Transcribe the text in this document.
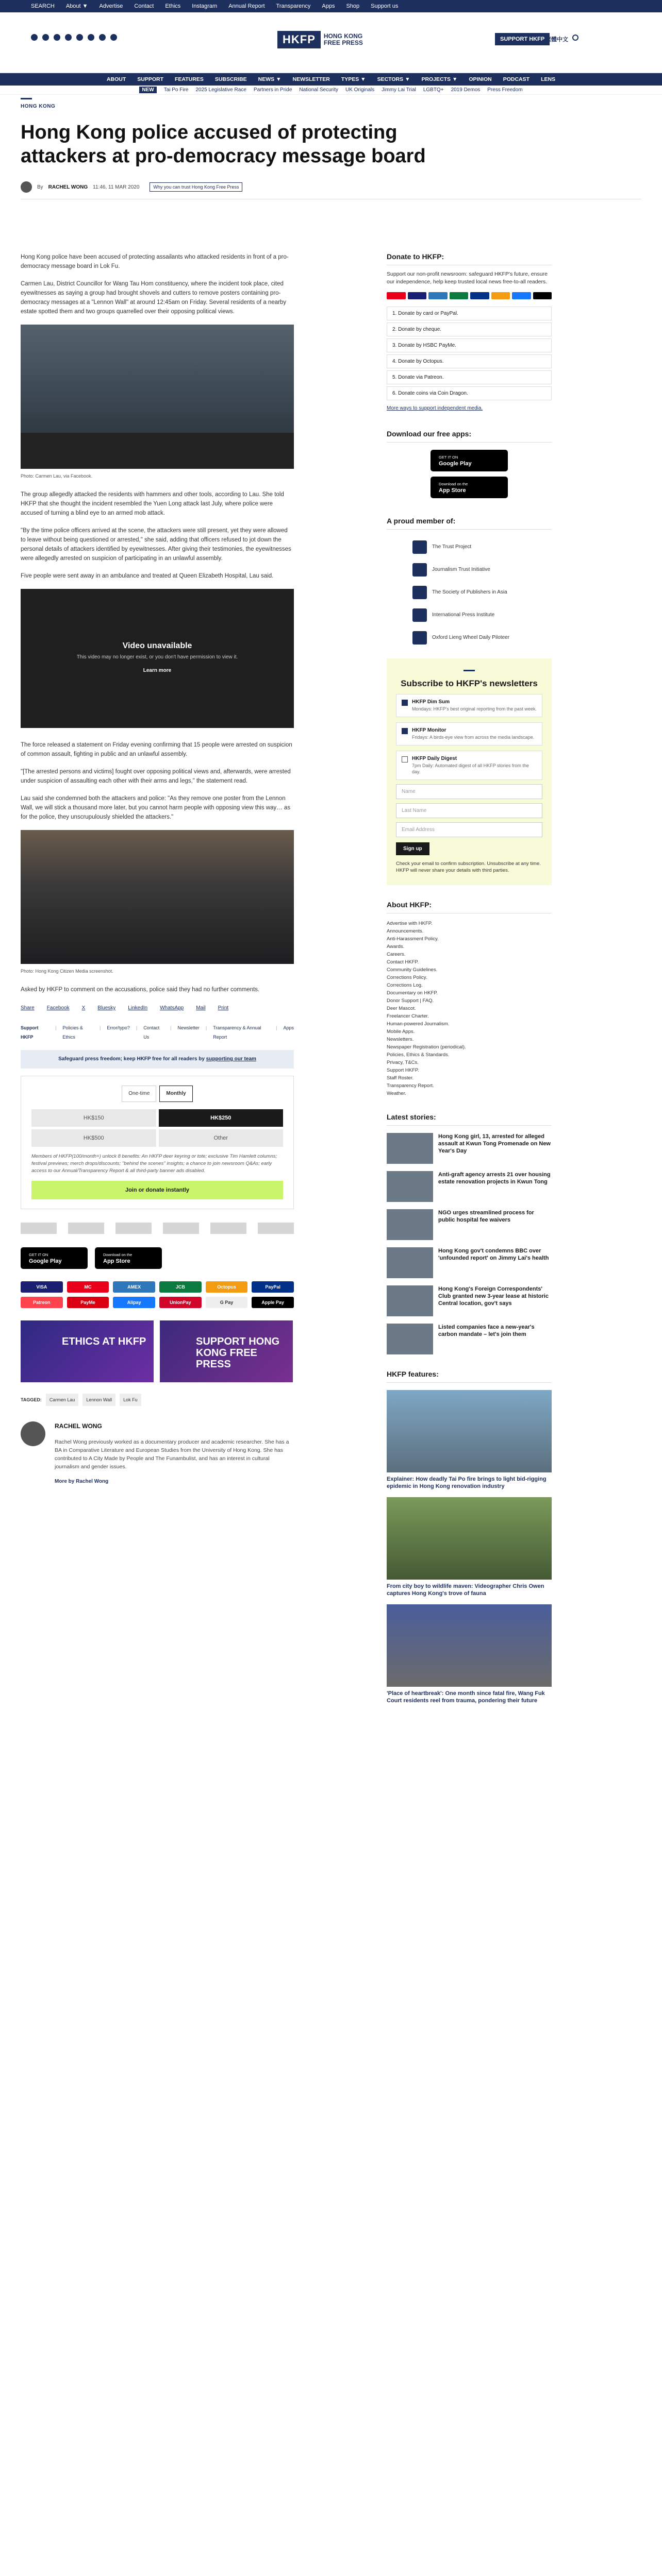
SEARCH About ▼ Advertise Contact Ethics Instagram Annual Report Transparency Apps Shop Support us
HKFP	HONG KONG
FREE PRESS	SUPPORT HKFP 繁體中文
ABOUT SUPPORT FEATURES SUBSCRIBE NEWS ▼ NEWSLETTER TYPES ▼ SECTORS ▼ PROJECTS ▼ OPINION PODCAST LENS
NEW	Tai Po Fire 2025 Legislative Race Partners in Pride National Security UK Originals Jimmy Lai Trial LGBTQ+ 2019 Demos Press Freedom
HONG KONG
Hong Kong police accused of protecting attackers at pro-democracy message board
By RACHEL WONG 11:46, 11 MAR 2020	Why you can trust Hong Kong Free Press

Hong Kong police have been accused of protecting assailants who attacked residents in front of a pro-democracy message board in Lok Fu.

Carmen Lau, District Councillor for Wang Tau Hom constituency, where the incident took place, cited eyewitnesses as saying a group had brought shovels and cutters to remove posters containing pro-democracy messages at a "Lennon Wall" at around 12:45am on Friday. Several residents of a nearby estate spotted them and two groups quarrelled over their opposing political views.

Photo: Carmen Lau, via Facebook.

The group allegedly attacked the residents with hammers and other tools, according to Lau. She told HKFP that she thought the incident resembled the Yuen Long attack last July, where police were accused of turning a blind eye to an armed mob attack.

"By the time police officers arrived at the scene, the attackers were still present, yet they were allowed to leave without being questioned or arrested," she said, adding that officers refused to jot down the personal details of attackers identified by eyewitnesses. After giving their testimonies, the eyewitnesses were allegedly arrested on suspicion of participating in an unlawful assembly.

Five people were sent away in an ambulance and treated at Queen Elizabeth Hospital, Lau said.

Video unavailable
This video may no longer exist, or you don't have permission to view it.
Learn more

The force released a statement on Friday evening confirming that 15 people were arrested on suspicion of common assault, fighting in public and an unlawful assembly.

"[The arrested persons and victims] fought over opposing political views and, afterwards, were arrested under suspicion of assaulting each other with their arms and legs," the statement read.

Lau said she condemned both the attackers and police: "As they remove one poster from the Lennon Wall, we will stick a thousand more later, but you cannot harm people with opposing view this way… as for the police, they unscrupulously shielded the attackers."

Photo: Hong Kong Citizen Media screenshot.

Asked by HKFP to comment on the accusations, police said they had no further comments.

Share Facebook X Bluesky LinkedIn WhatsApp Mail Print
Support HKFP
| Policies & Ethics
| Error/typo? | Contact Us
| Newsletter | Transparency & Annual Report
| Apps
Safeguard press freedom; keep HKFP free for all readers by supporting our team
One-time	Monthly
HK$150	HK$250
HK$500	Other
Members of HKFP(100/month+) unlock 8 benefits: An HKFP deer keyring or tote; exclusive Tim Hamlett columns; festival previews; merch drops/discounts; "behind the scenes" insights; a chance to join newsroom Q&As; early access to our Annual/Transparency Report & all third-party banner ads disabled.
Join or donate instantly
GET IT ON
Google Play
Download on the
App Store
VISA	MC	AMEX	JCB	Octopus	PayPal
Patreon	PayMe	Alipay	UnionPay	G Pay	Apple Pay
ETHICS AT HKFP	SUPPORT HONG KONG FREE PRESS
TAGGED:	Carmen Lau	Lennon Wall	Lok Fu
RACHEL WONG
Rachel Wong previously worked as a documentary producer and academic researcher. She has a BA in Comparative Literature and European Studies from the University of Hong Kong. She has contributed to A City Made by People and The Funambulist, and has an interest in cultural journalism and gender issues.
More by Rachel Wong
Donate to HKFP:
Support our non-profit newsroom: safeguard HKFP's future, ensure our independence, help keep trusted local news free-to-all readers.
1. Donate by card or PayPal.
2. Donate by cheque.
3. Donate by HSBC PayMe.
4. Donate by Octopus.
5. Donate via Patreon.
6. Donate coins via Coin Dragon.
More ways to support independent media.
Download our free apps:
GET IT ON
Google Play
Download on the
App Store
A proud member of:
The Trust Project
Journalism Trust Initiative
The Society of Publishers in Asia
International Press Institute
Oxford Lieng Wheel Daily Piloteer
Subscribe to HKFP's newsletters
HKFP Dim Sum
Mondays: HKFP's best original reporting from the past week.
HKFP Monitor
Fridays: A birds-eye view from across the media landscape.
HKFP Daily Digest
7pm Daily: Automated digest of all HKFP stories from the day.
Name
Last Name
Email Address
Sign up
Check your email to confirm subscription. Unsubscribe at any time. HKFP will never share your details with third parties.
About HKFP:
Advertise with HKFP.
Announcements.
Anti-Harassment Policy.
Awards.
Careers.
Contact HKFP.
Community Guidelines.
Corrections Policy.
Corrections Log.
Documentary on HKFP.
Donor Support | FAQ.
Deer Mascot.
Freelancer Charter.
Human-powered Journalism.
Mobile Apps.
Newsletters.
Newspaper Registration (periodical).
Policies, Ethics & Standards.
Privacy, T&Cs.
Support HKFP.
Staff Roster.
Transparency Report.
Weather.
Latest stories:
Hong Kong girl, 13, arrested for alleged assault at Kwun Tong Promenade on New Year's Day
Anti-graft agency arrests 21 over housing estate renovation projects in Kwun Tong
NGO urges streamlined process for public hospital fee waivers
Hong Kong gov't condemns BBC over 'unfounded report' on Jimmy Lai's health
Hong Kong's Foreign Correspondents' Club granted new 3-year lease at historic Central location, gov't says
Listed companies face a new-year's carbon mandate – let's join them
HKFP features:
Explainer: How deadly Tai Po fire brings to light bid-rigging epidemic in Hong Kong renovation industry
From city boy to wildlife maven: Videographer Chris Owen captures Hong Kong's trove of fauna
'Place of heartbreak': One month since fatal fire, Wang Fuk Court residents reel from trauma, pondering their future
